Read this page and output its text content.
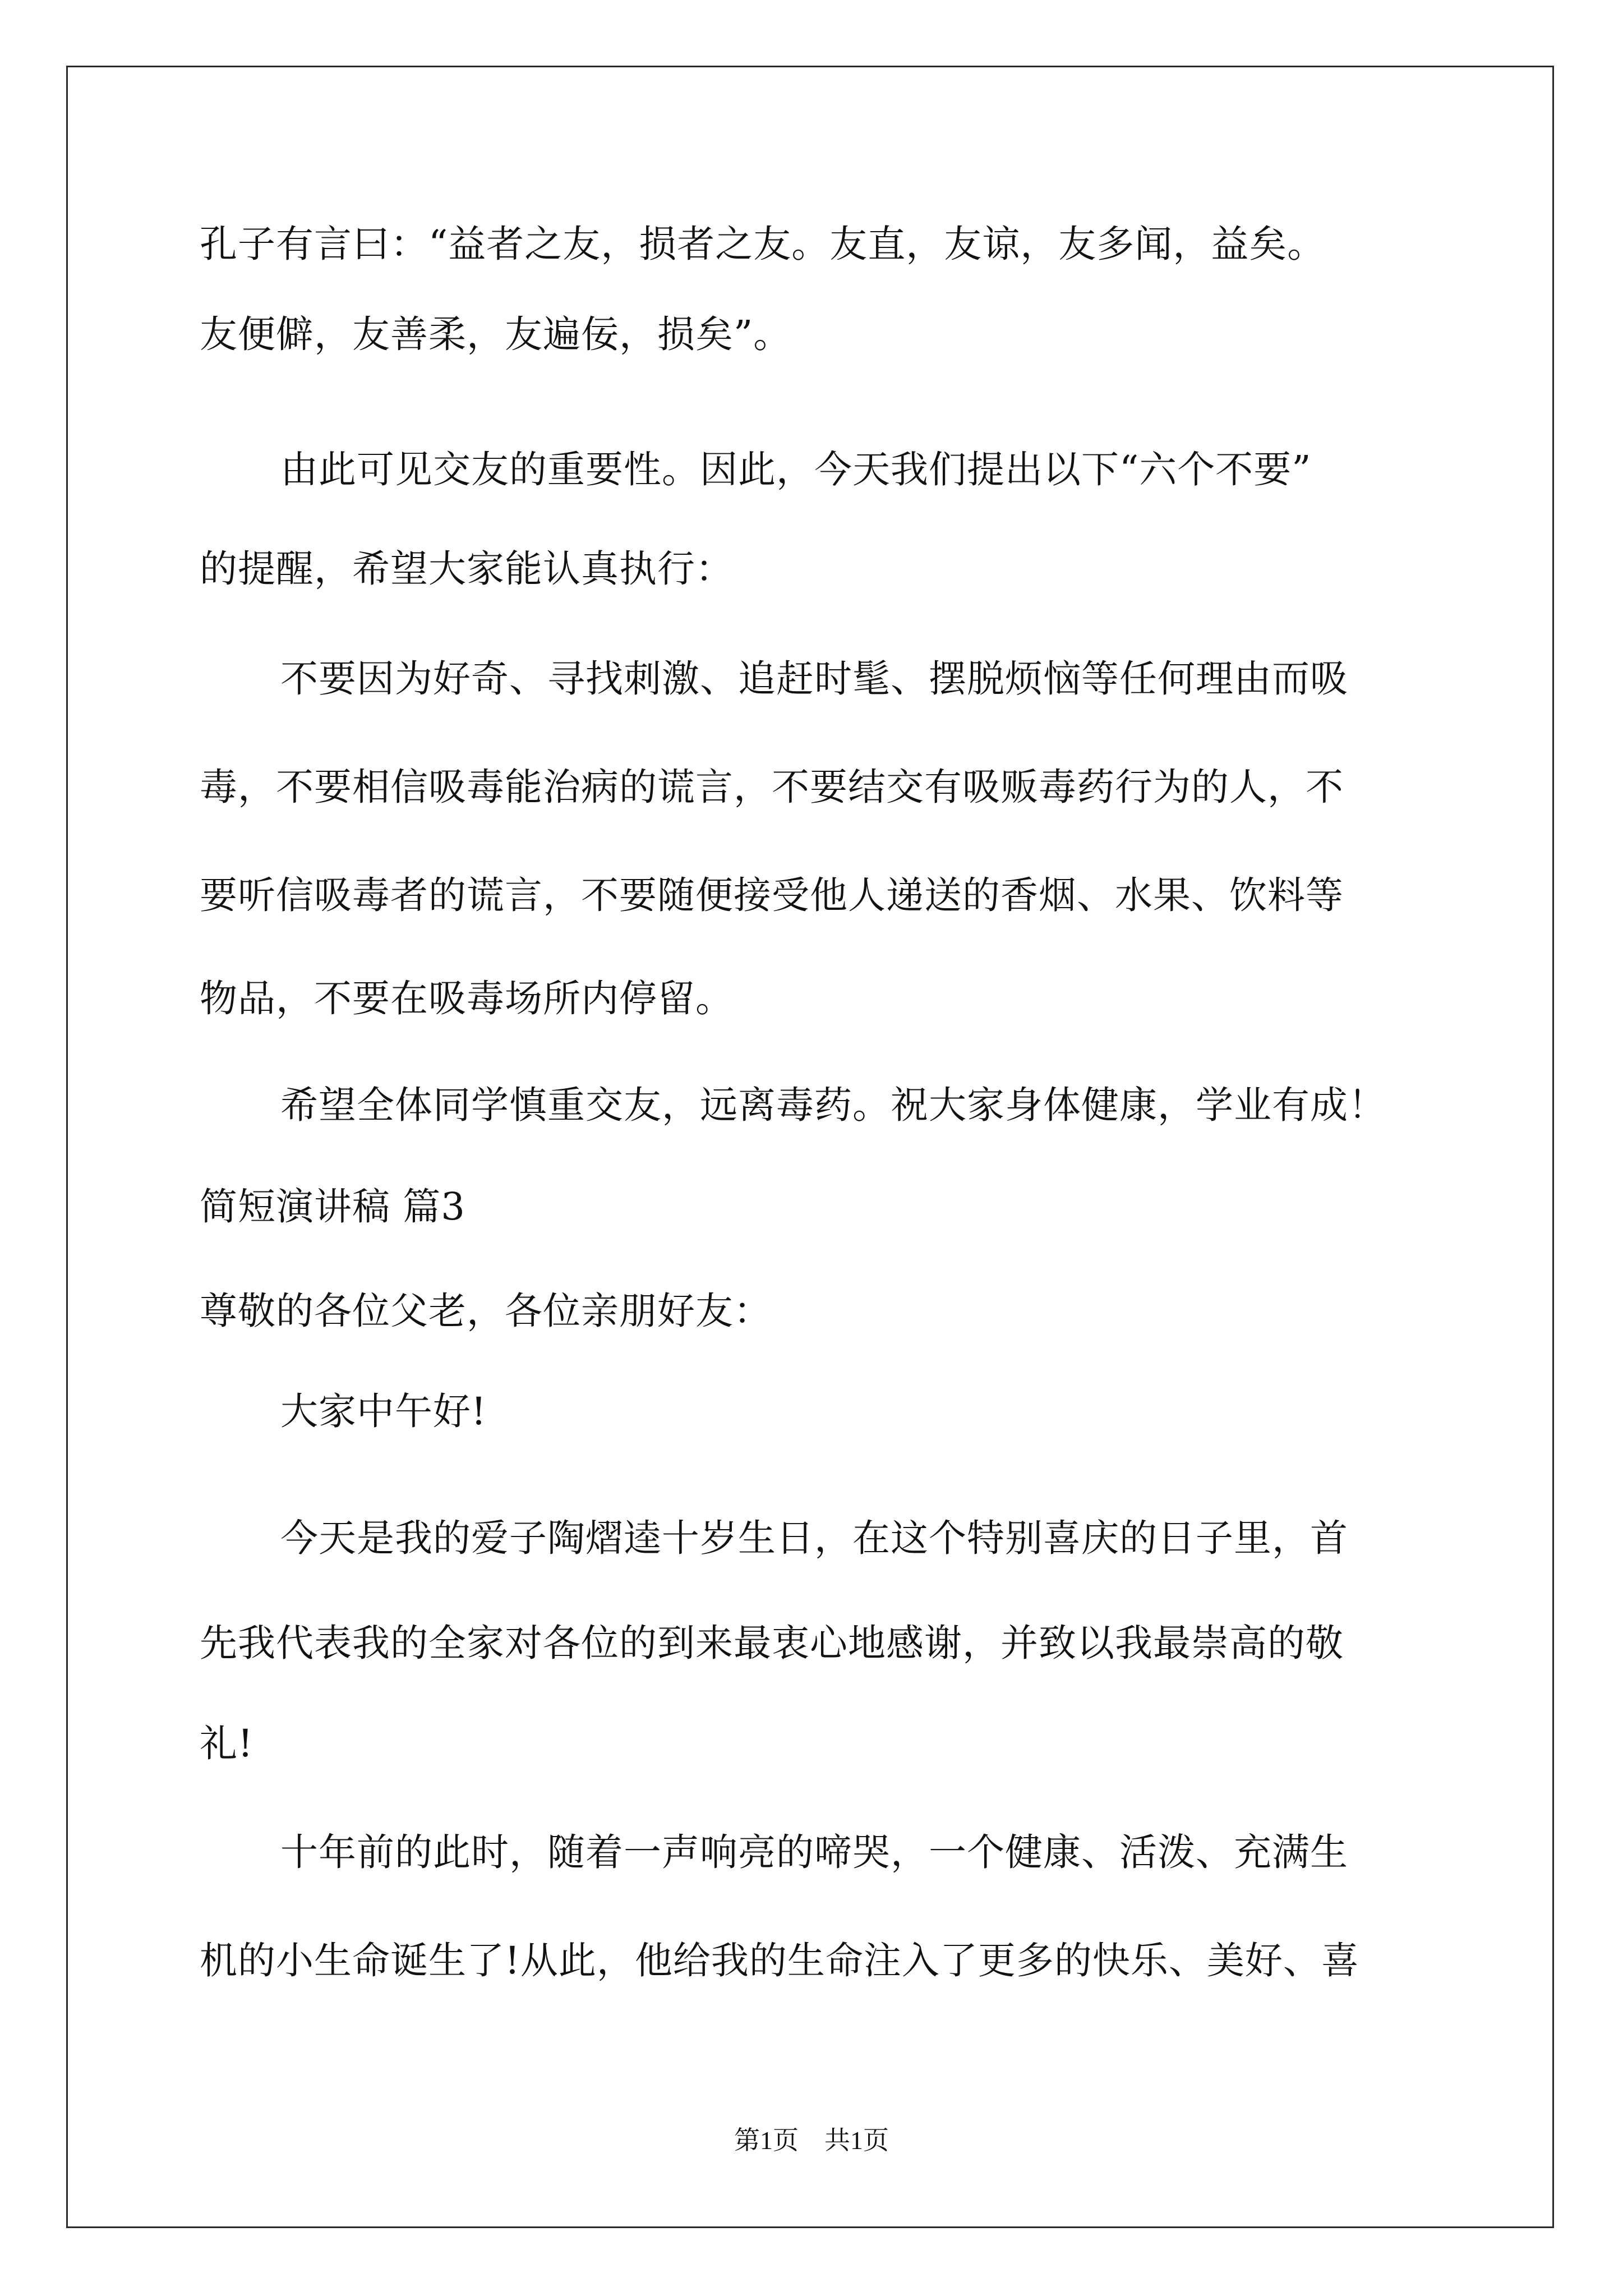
孔子有言曰：“益者之友，损者之友。友直，友谅，友多闻，益矣。
友便僻，友善柔，友遍佞，损矣”。
由此可见交友的重要性。因此，今天我们提出以下“六个不要”
的提醒，希望大家能认真执行：
不要因为好奇、寻找刺激、追赶时髦、摆脱烦恼等任何理由而吸
毒，不要相信吸毒能治病的谎言，不要结交有吸贩毒药行为的人，不
要听信吸毒者的谎言，不要随便接受他人递送的香烟、水果、饮料等
物品，不要在吸毒场所内停留。
希望全体同学慎重交友，远离毒药。祝大家身体健康，学业有成！
简短演讲稿 篇3
尊敬的各位父老，各位亲朋好友：
大家中午好!
今天是我的爱子陶熠逵十岁生日，在这个特别喜庆的日子里，首
先我代表我的全家对各位的到来最衷心地感谢，并致以我最崇高的敬
礼!
十年前的此时，随着一声响亮的啼哭，一个健康、活泼、充满生
机的小生命诞生了!从此，他给我的生命注入了更多的快乐、美好、喜
第1页　共1页
